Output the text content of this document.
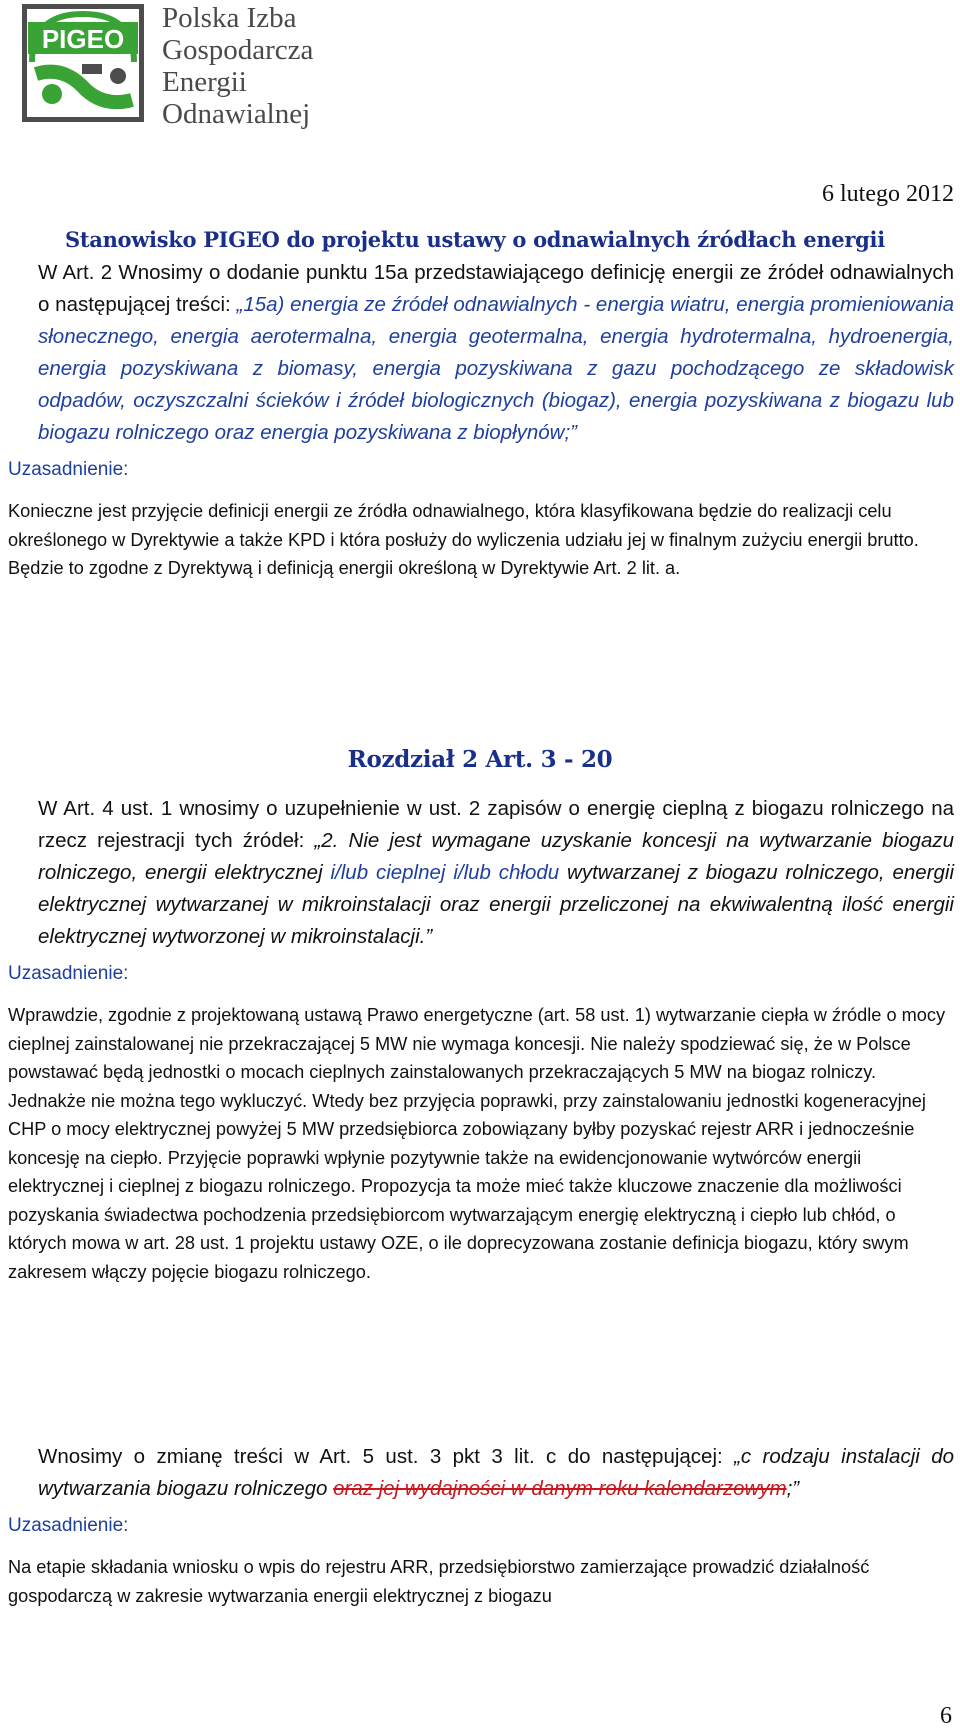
PIGEO
Polska Izba
Gospodarcza
Energii
Odnawialnej
6 lutego 2012
Stanowisko PIGEO do projektu ustawy o odnawialnych źródłach energii
W Art. 2 Wnosimy o dodanie punktu 15a przedstawiającego definicję energii ze źródeł odnawialnych o następującej treści: „15a) energia ze źródeł odnawialnych - energia wiatru, energia promieniowania słonecznego, energia aerotermalna, energia geotermalna, energia hydrotermalna, hydroenergia, energia pozyskiwana z biomasy, energia pozyskiwana z gazu pochodzącego ze składowisk odpadów, oczyszczalni ścieków i źródeł biologicznych (biogaz), energia pozyskiwana z biogazu lub biogazu rolniczego oraz energia pozyskiwana z biopłynów;”
Uzasadnienie:
Konieczne jest przyjęcie definicji energii ze źródła odnawialnego, która klasyfikowana będzie do realizacji celu określonego w Dyrektywie a także KPD i która posłuży do wyliczenia udziału jej w finalnym zużyciu energii brutto. Będzie to zgodne z Dyrektywą i definicją energii określoną w Dyrektywie Art. 2 lit. a.
Rozdział 2 Art. 3 - 20
W Art. 4 ust. 1 wnosimy o uzupełnienie w ust. 2 zapisów o energię cieplną z biogazu rolniczego na rzecz rejestracji tych źródeł: „2. Nie jest wymagane uzyskanie koncesji na wytwarzanie biogazu rolniczego, energii elektrycznej i/lub cieplnej i/lub chłodu wytwarzanej z biogazu rolniczego, energii elektrycznej wytwarzanej w mikroinstalacji oraz energii przeliczonej na ekwiwalentną ilość energii elektrycznej wytworzonej w mikroinstalacji.”
Uzasadnienie:
Wprawdzie, zgodnie z projektowaną ustawą Prawo energetyczne (art. 58 ust. 1) wytwarzanie ciepła w źródle o mocy cieplnej zainstalowanej nie przekraczającej 5 MW nie wymaga koncesji. Nie należy spodziewać się, że w Polsce powstawać będą jednostki o mocach cieplnych zainstalowanych przekraczających 5 MW na biogaz rolniczy. Jednakże nie można tego wykluczyć. Wtedy bez przyjęcia poprawki, przy zainstalowaniu jednostki kogeneracyjnej CHP o mocy elektrycznej powyżej 5 MW przedsiębiorca zobowiązany byłby pozyskać rejestr ARR i jednocześnie koncesję na ciepło. Przyjęcie poprawki wpłynie pozytywnie także na ewidencjonowanie wytwórców energii elektrycznej i cieplnej z biogazu rolniczego. Propozycja ta może mieć także kluczowe znaczenie dla możliwości pozyskania świadectwa pochodzenia przedsiębiorcom wytwarzającym energię elektryczną i ciepło lub chłód, o których mowa w art. 28 ust. 1 projektu ustawy OZE, o ile doprecyzowana zostanie definicja biogazu, który swym zakresem włączy pojęcie biogazu rolniczego.
Wnosimy o zmianę treści w Art. 5 ust. 3 pkt 3 lit. c do następującej: „c rodzaju instalacji do wytwarzania biogazu rolniczego oraz jej wydajności w danym roku kalendarzowym;”
Uzasadnienie:
Na etapie składania wniosku o wpis do rejestru ARR, przedsiębiorstwo zamierzające prowadzić działalność gospodarczą w zakresie wytwarzania energii elektrycznej z biogazu
6
